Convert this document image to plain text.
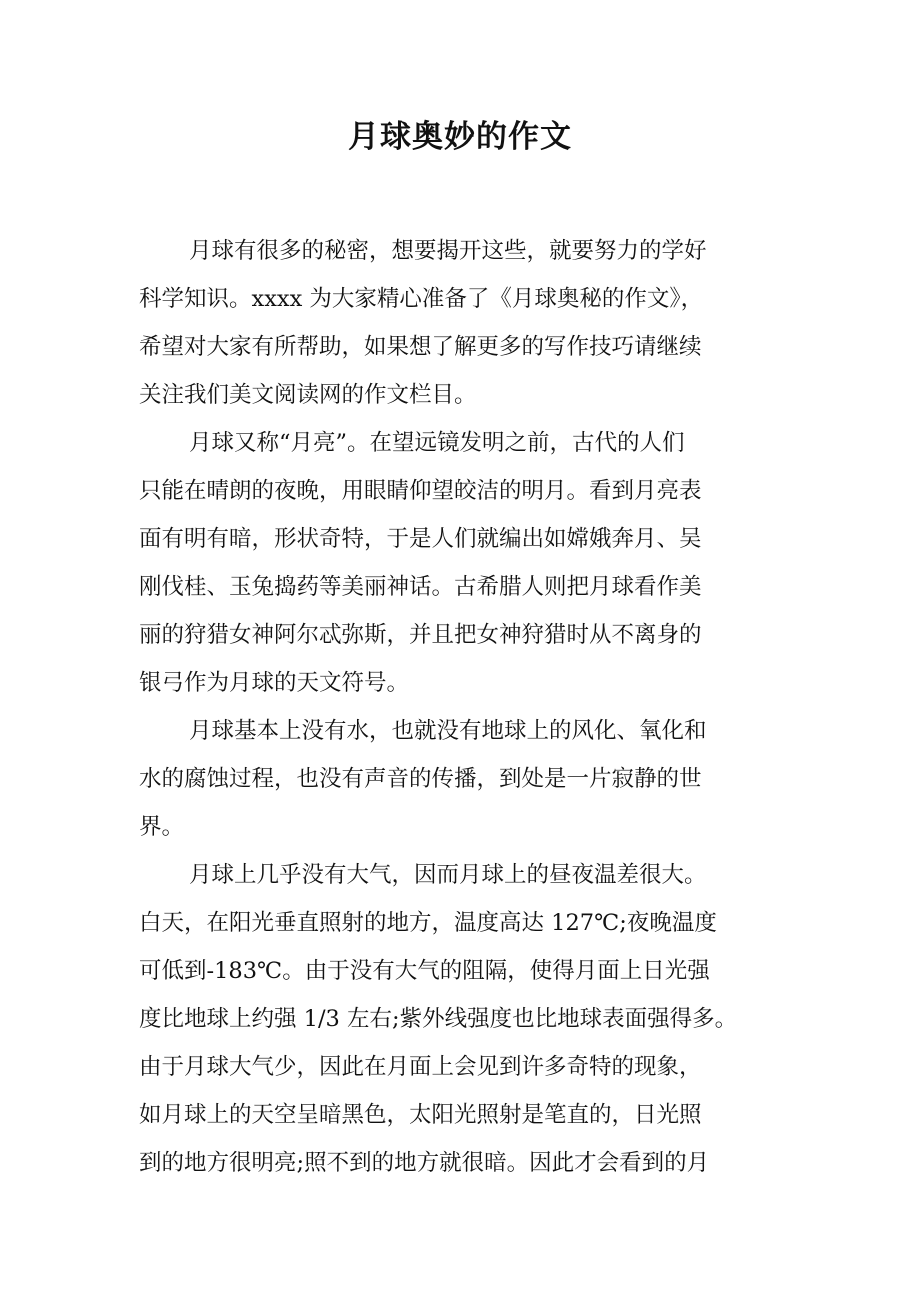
月球奥妙的作文
月球有很多的秘密，想要揭开这些，就要努力的学好
科学知识。xxxx 为大家精心准备了《月球奥秘的作文》，
希望对大家有所帮助，如果想了解更多的写作技巧请继续
关注我们美文阅读网的作文栏目。
月球又称“月亮”。在望远镜发明之前，古代的人们
只能在晴朗的夜晚，用眼睛仰望皎洁的明月。看到月亮表
面有明有暗，形状奇特，于是人们就编出如嫦娥奔月、吴
刚伐桂、玉兔捣药等美丽神话。古希腊人则把月球看作美
丽的狩猎女神阿尔忒弥斯，并且把女神狩猎时从不离身的
银弓作为月球的天文符号。
月球基本上没有水，也就没有地球上的风化、氧化和
水的腐蚀过程，也没有声音的传播，到处是一片寂静的世
界。
月球上几乎没有大气，因而月球上的昼夜温差很大。
白天，在阳光垂直照射的地方，温度高达 127℃;夜晚温度
可低到-183℃。由于没有大气的阻隔，使得月面上日光强
度比地球上约强 1/3 左右;紫外线强度也比地球表面强得多。
由于月球大气少，因此在月面上会见到许多奇特的现象，
如月球上的天空呈暗黑色，太阳光照射是笔直的，日光照
到的地方很明亮;照不到的地方就很暗。因此才会看到的月
